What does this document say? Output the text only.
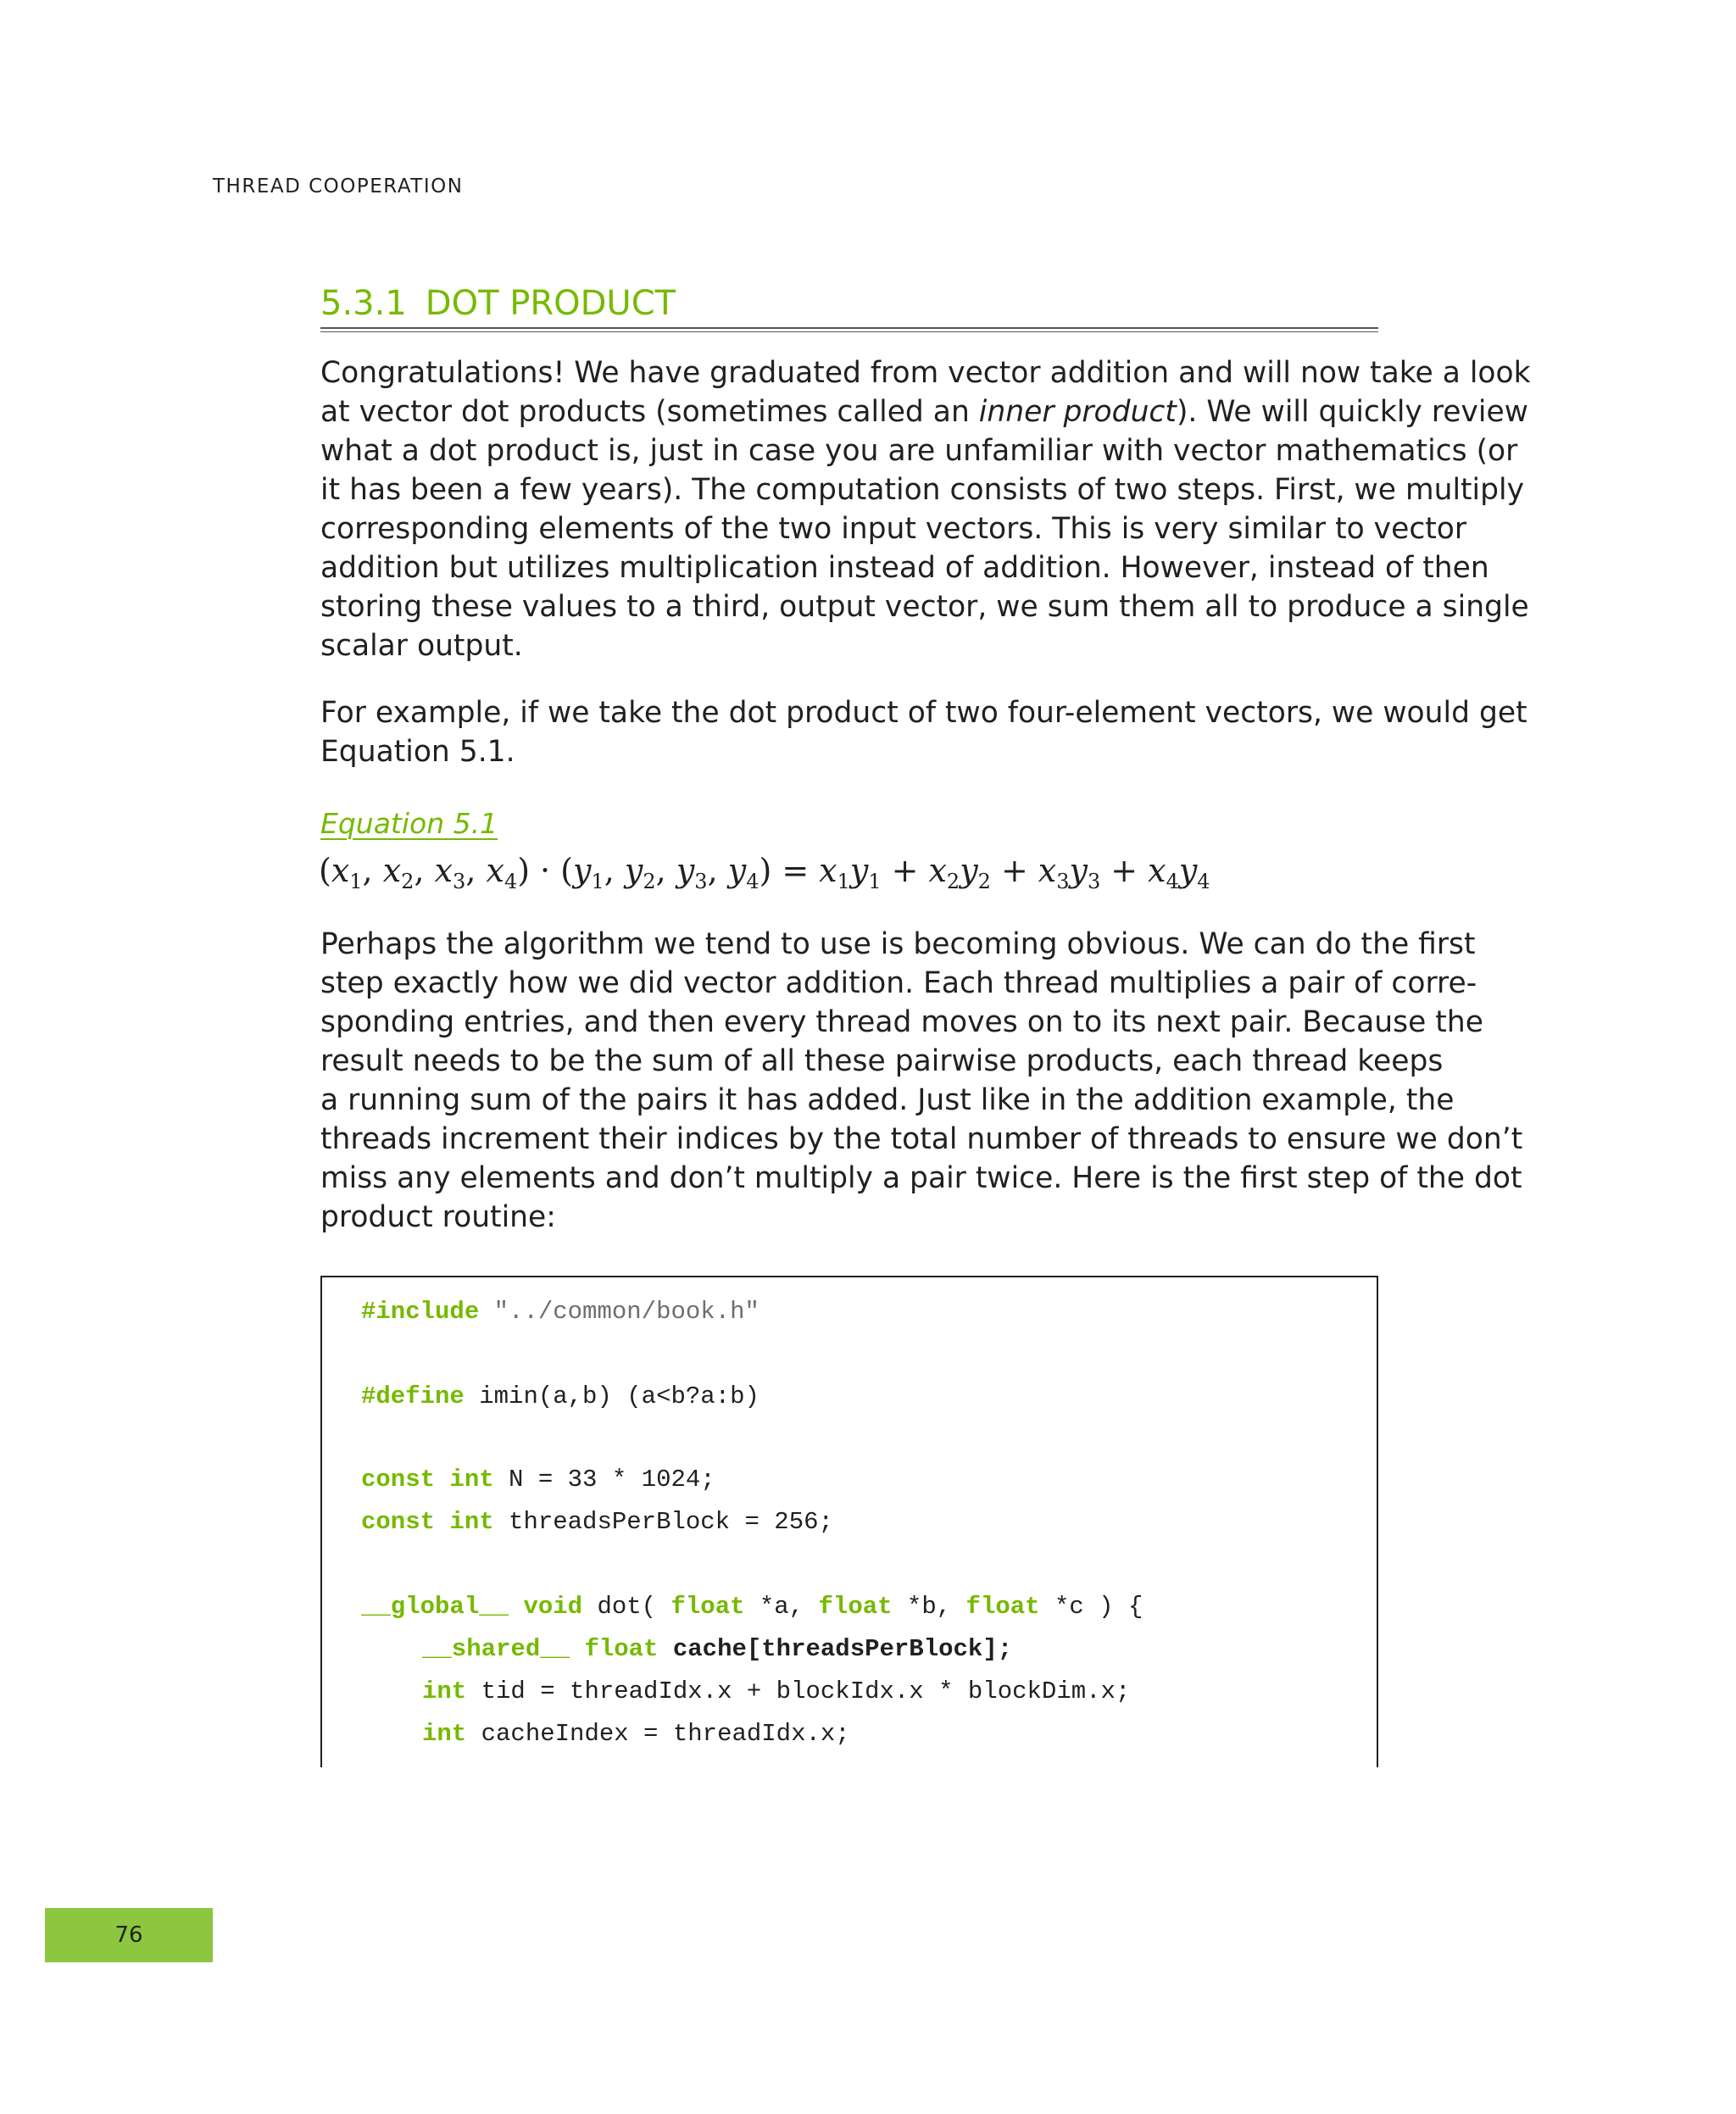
THREAD COOPERATION
5.3.1 DOT PRODUCT

Congratulations! We have graduated from vector addition and will now take a look
at vector dot products (sometimes called an inner product). We will quickly review
what a dot product is, just in case you are unfamiliar with vector mathematics (or
it has been a few years). The computation consists of two steps. First, we multiply
corresponding elements of the two input vectors. This is very similar to vector
addition but utilizes multiplication instead of addition. However, instead of then
storing these values to a third, output vector, we sum them all to produce a single
scalar output.

For example, if we take the dot product of two four-element vectors, we would get
Equation 5.1.

Equation 5.1
($x_1$, $x_2$, $x_3$, $x_4) \cdot (y_1$, $y_2$, $y_3$, $y_4) = x_1y_1 + x_2y_2 + x_3y_3 + x_4y_4$

Perhaps the algorithm we tend to use is becoming obvious. We can do the first
step exactly how we did vector addition. Each thread multiplies a pair of corre-
sponding entries, and then every thread moves on to its next pair. Because the
result needs to be the sum of all these pairwise products, each thread keeps
a running sum of the pairs it has added. Just like in the addition example, the
threads increment their indices by the total number of threads to ensure we don’t
miss any elements and don’t multiply a pair twice. Here is the first step of the dot
product routine:

#include "../common/book.h"
#define imin(a,b) (a<b?a:b)
const int N = 33 * 1024;
const int threadsPerBlock = 256;
__global__ void dot( float *a, float *b, float *c ) {
__shared__ float cache[threadsPerBlock];
int tid = threadIdx.x + blockIdx.x * blockDim.x;
int cacheIndex = threadIdx.x;
76
